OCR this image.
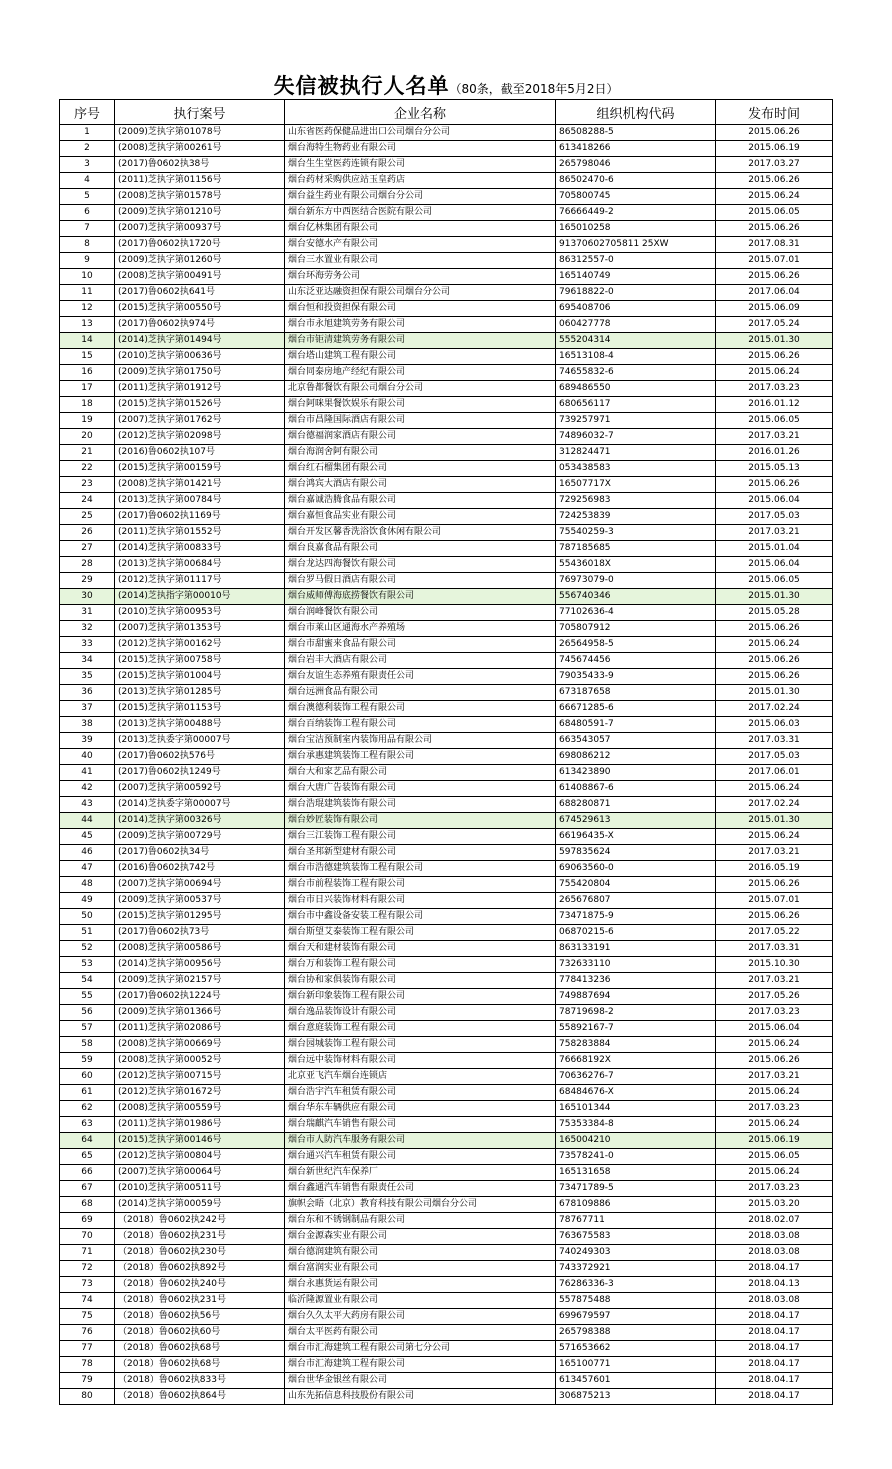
失信被执行人名单（80条，截至2018年5月2日）
序号	执行案号	企业名称	组织机构代码	发布时间
1	(2009)芝执字第01078号	山东省医药保健品进出口公司烟台分公司	86508288-5	2015.06.26
2	(2008)芝执字第00261号	烟台海特生物药业有限公司	613418266	2015.06.19
3	(2017)鲁0602执38号	烟台生生堂医药连锁有限公司	265798046	2017.03.27
4	(2011)芝执字第01156号	烟台药材采购供应站玉皇药店	86502470-6	2015.06.26
5	(2008)芝执字第01578号	烟台益生药业有限公司烟台分公司	705800745	2015.06.24
6	(2009)芝执字第01210号	烟台新东方中西医结合医院有限公司	76666449-2	2015.06.05
7	(2007)芝执字第00937号	烟台亿林集团有限公司	165010258	2015.06.26
8	(2017)鲁0602执1720号	烟台安德水产有限公司	91370602705811 25XW	2017.08.31
9	(2009)芝执字第01260号	烟台三水置业有限公司	86312557-0	2015.07.01
10	(2008)芝执字第00491号	烟台环海劳务公司	165140749	2015.06.26
11	(2017)鲁0602执641号	山东泛亚达融资担保有限公司烟台分公司	79618822-0	2017.06.04
12	(2015)芝执字第00550号	烟台恒和投资担保有限公司	695408706	2015.06.09
13	(2017)鲁0602执974号	烟台市永旭建筑劳务有限公司	060427778	2017.05.24
14	(2014)芝执字第01494号	烟台市钜清建筑劳务有限公司	555204314	2015.01.30
15	(2010)芝执字第00636号	烟台塔山建筑工程有限公司	16513108-4	2015.06.26
16	(2009)芝执字第01750号	烟台同泰房地产经纪有限公司	74655832-6	2015.06.24
17	(2011)芝执字第01912号	北京鲁都餐饮有限公司烟台分公司	689486550	2017.03.23
18	(2015)芝执字第01526号	烟台阿咪果餐饮娱乐有限公司	680656117	2016.01.12
19	(2007)芝执字第01762号	烟台市昌隆国际酒店有限公司	739257971	2015.06.05
20	(2012)芝执字第02098号	烟台德福润家酒店有限公司	74896032-7	2017.03.21
21	(2016)鲁0602执107号	烟台海润舍阿有限公司	312824471	2016.01.26
22	(2015)芝执字第00159号	烟台红石榴集团有限公司	053438583	2015.05.13
23	(2008)芝执字第01421号	烟台鸿宾大酒店有限公司	16507717X	2015.06.26
24	(2013)芝执字第00784号	烟台嘉诚浩腾食品有限公司	729256983	2015.06.04
25	(2017)鲁0602执1169号	烟台嘉恒食品实业有限公司	724253839	2017.05.03
26	(2011)芝执字第01552号	烟台开发区馨香洗浴饮食休闲有限公司	75540259-3	2017.03.21
27	(2014)芝执字第00833号	烟台良嘉食品有限公司	787185685	2015.01.04
28	(2013)芝执字第00684号	烟台龙达四海餐饮有限公司	55436018X	2015.06.04
29	(2012)芝执字第01117号	烟台罗马假日酒店有限公司	76973079-0	2015.06.05
30	(2014)芝执指字第00010号	烟台威师傅海底捞餐饮有限公司	556740346	2015.01.30
31	(2010)芝执字第00953号	烟台润峰餐饮有限公司	77102636-4	2015.05.28
32	(2007)芝执字第01353号	烟台市莱山区通海水产养殖场	705807912	2015.06.26
33	(2012)芝执字第00162号	烟台市甜蜜来食品有限公司	26564958-5	2015.06.24
34	(2015)芝执字第00758号	烟台岩丰大酒店有限公司	745674456	2015.06.26
35	(2015)芝执字第01004号	烟台友谊生态养殖有限责任公司	79035433-9	2015.06.26
36	(2013)芝执字第01285号	烟台远洲食品有限公司	673187658	2015.01.30
37	(2015)芝执字第01153号	烟台澳德利装饰工程有限公司	66671285-6	2017.02.24
38	(2013)芝执字第00488号	烟台百纳装饰工程有限公司	68480591-7	2015.06.03
39	(2013)芝执委字第00007号	烟台宝洁预制室内装饰用品有限公司	663543057	2017.03.31
40	(2017)鲁0602执576号	烟台承惠建筑装饰工程有限公司	698086212	2017.05.03
41	(2017)鲁0602执1249号	烟台大和家艺品有限公司	613423890	2017.06.01
42	(2007)芝执字第00592号	烟台大唐广告装饰有限公司	61408867-6	2015.06.24
43	(2014)芝执委字第00007号	烟台浩琨建筑装饰有限公司	688280871	2017.02.24
44	(2014)芝执字第00326号	烟台妙匠装饰有限公司	674529613	2015.01.30
45	(2009)芝执字第00729号	烟台三江装饰工程有限公司	66196435-X	2015.06.24
46	(2017)鲁0602执34号	烟台圣邦新型建材有限公司	597835624	2017.03.21
47	(2016)鲁0602执742号	烟台市浩德建筑装饰工程有限公司	69063560-0	2016.05.19
48	(2007)芝执字第00694号	烟台市前程装饰工程有限公司	755420804	2015.06.26
49	(2009)芝执字第00537号	烟台市日兴装饰材料有限公司	265676807	2015.07.01
50	(2015)芝执字第01295号	烟台市中鑫设备安装工程有限公司	73471875-9	2015.06.26
51	(2017)鲁0602执73号	烟台斯望艾泰装饰工程有限公司	06870215-6	2017.05.22
52	(2008)芝执字第00586号	烟台天和建材装饰有限公司	863133191	2017.03.31
53	(2014)芝执字第00956号	烟台万和装饰工程有限公司	732633110	2015.10.30
54	(2009)芝执字第02157号	烟台协和家俱装饰有限公司	778413236	2017.03.21
55	(2017)鲁0602执1224号	烟台新印象装饰工程有限公司	749887694	2017.05.26
56	(2009)芝执字第01366号	烟台逸品装饰设计有限公司	78719698-2	2017.03.23
57	(2011)芝执字第02086号	烟台意庭装饰工程有限公司	55892167-7	2015.06.04
58	(2008)芝执字第00669号	烟台园城装饰工程有限公司	758283884	2015.06.24
59	(2008)芝执字第00052号	烟台远中装饰材料有限公司	76668192X	2015.06.26
60	(2012)芝执字第00715号	北京亚飞汽车烟台连锁店	70636276-7	2017.03.21
61	(2012)芝执字第01672号	烟台浩宇汽车租赁有限公司	68484676-X	2015.06.24
62	(2008)芝执字第00559号	烟台华东车辆供应有限公司	165101344	2017.03.23
63	(2011)芝执字第01986号	烟台瑞麒汽车销售有限公司	75353384-8	2015.06.24
64	(2015)芝执字第00146号	烟台市人防汽车服务有限公司	165004210	2015.06.19
65	(2012)芝执字第00804号	烟台通兴汽车租赁有限公司	73578241-0	2015.06.05
66	(2007)芝执字第00064号	烟台新世纪汽车保养厂	165131658	2015.06.24
67	(2010)芝执字第00511号	烟台鑫通汽车销售有限责任公司	73471789-5	2017.03.23
68	(2014)芝执字第00059号	旗帜会晤（北京）教育科技有限公司烟台分公司	678109886	2015.03.20
69	（2018）鲁0602执242号	烟台东和不锈钢制品有限公司	78767711	2018.02.07
70	（2018）鲁0602执231号	烟台金源森实业有限公司	763675583	2018.03.08
71	（2018）鲁0602执230号	烟台德润建筑有限公司	740249303	2018.03.08
72	（2018）鲁0602执892号	烟台富润实业有限公司	743372921	2018.04.17
73	（2018）鲁0602执240号	烟台永惠货运有限公司	76286336-3	2018.04.13
74	（2018）鲁0602执231号	临沂隆源置业有限公司	557875488	2018.03.08
75	（2018）鲁0602执56号	烟台久久太平大药房有限公司	699679597	2018.04.17
76	（2018）鲁0602执60号	烟台太平医药有限公司	265798388	2018.04.17
77	（2018）鲁0602执68号	烟台市汇海建筑工程有限公司第七分公司	571653662	2018.04.17
78	（2018）鲁0602执68号	烟台市汇海建筑工程有限公司	165100771	2018.04.17
79	（2018）鲁0602执833号	烟台世华金银丝有限公司	613457601	2018.04.17
80	（2018）鲁0602执864号	山东先拓信息科技股份有限公司	306875213	2018.04.17
